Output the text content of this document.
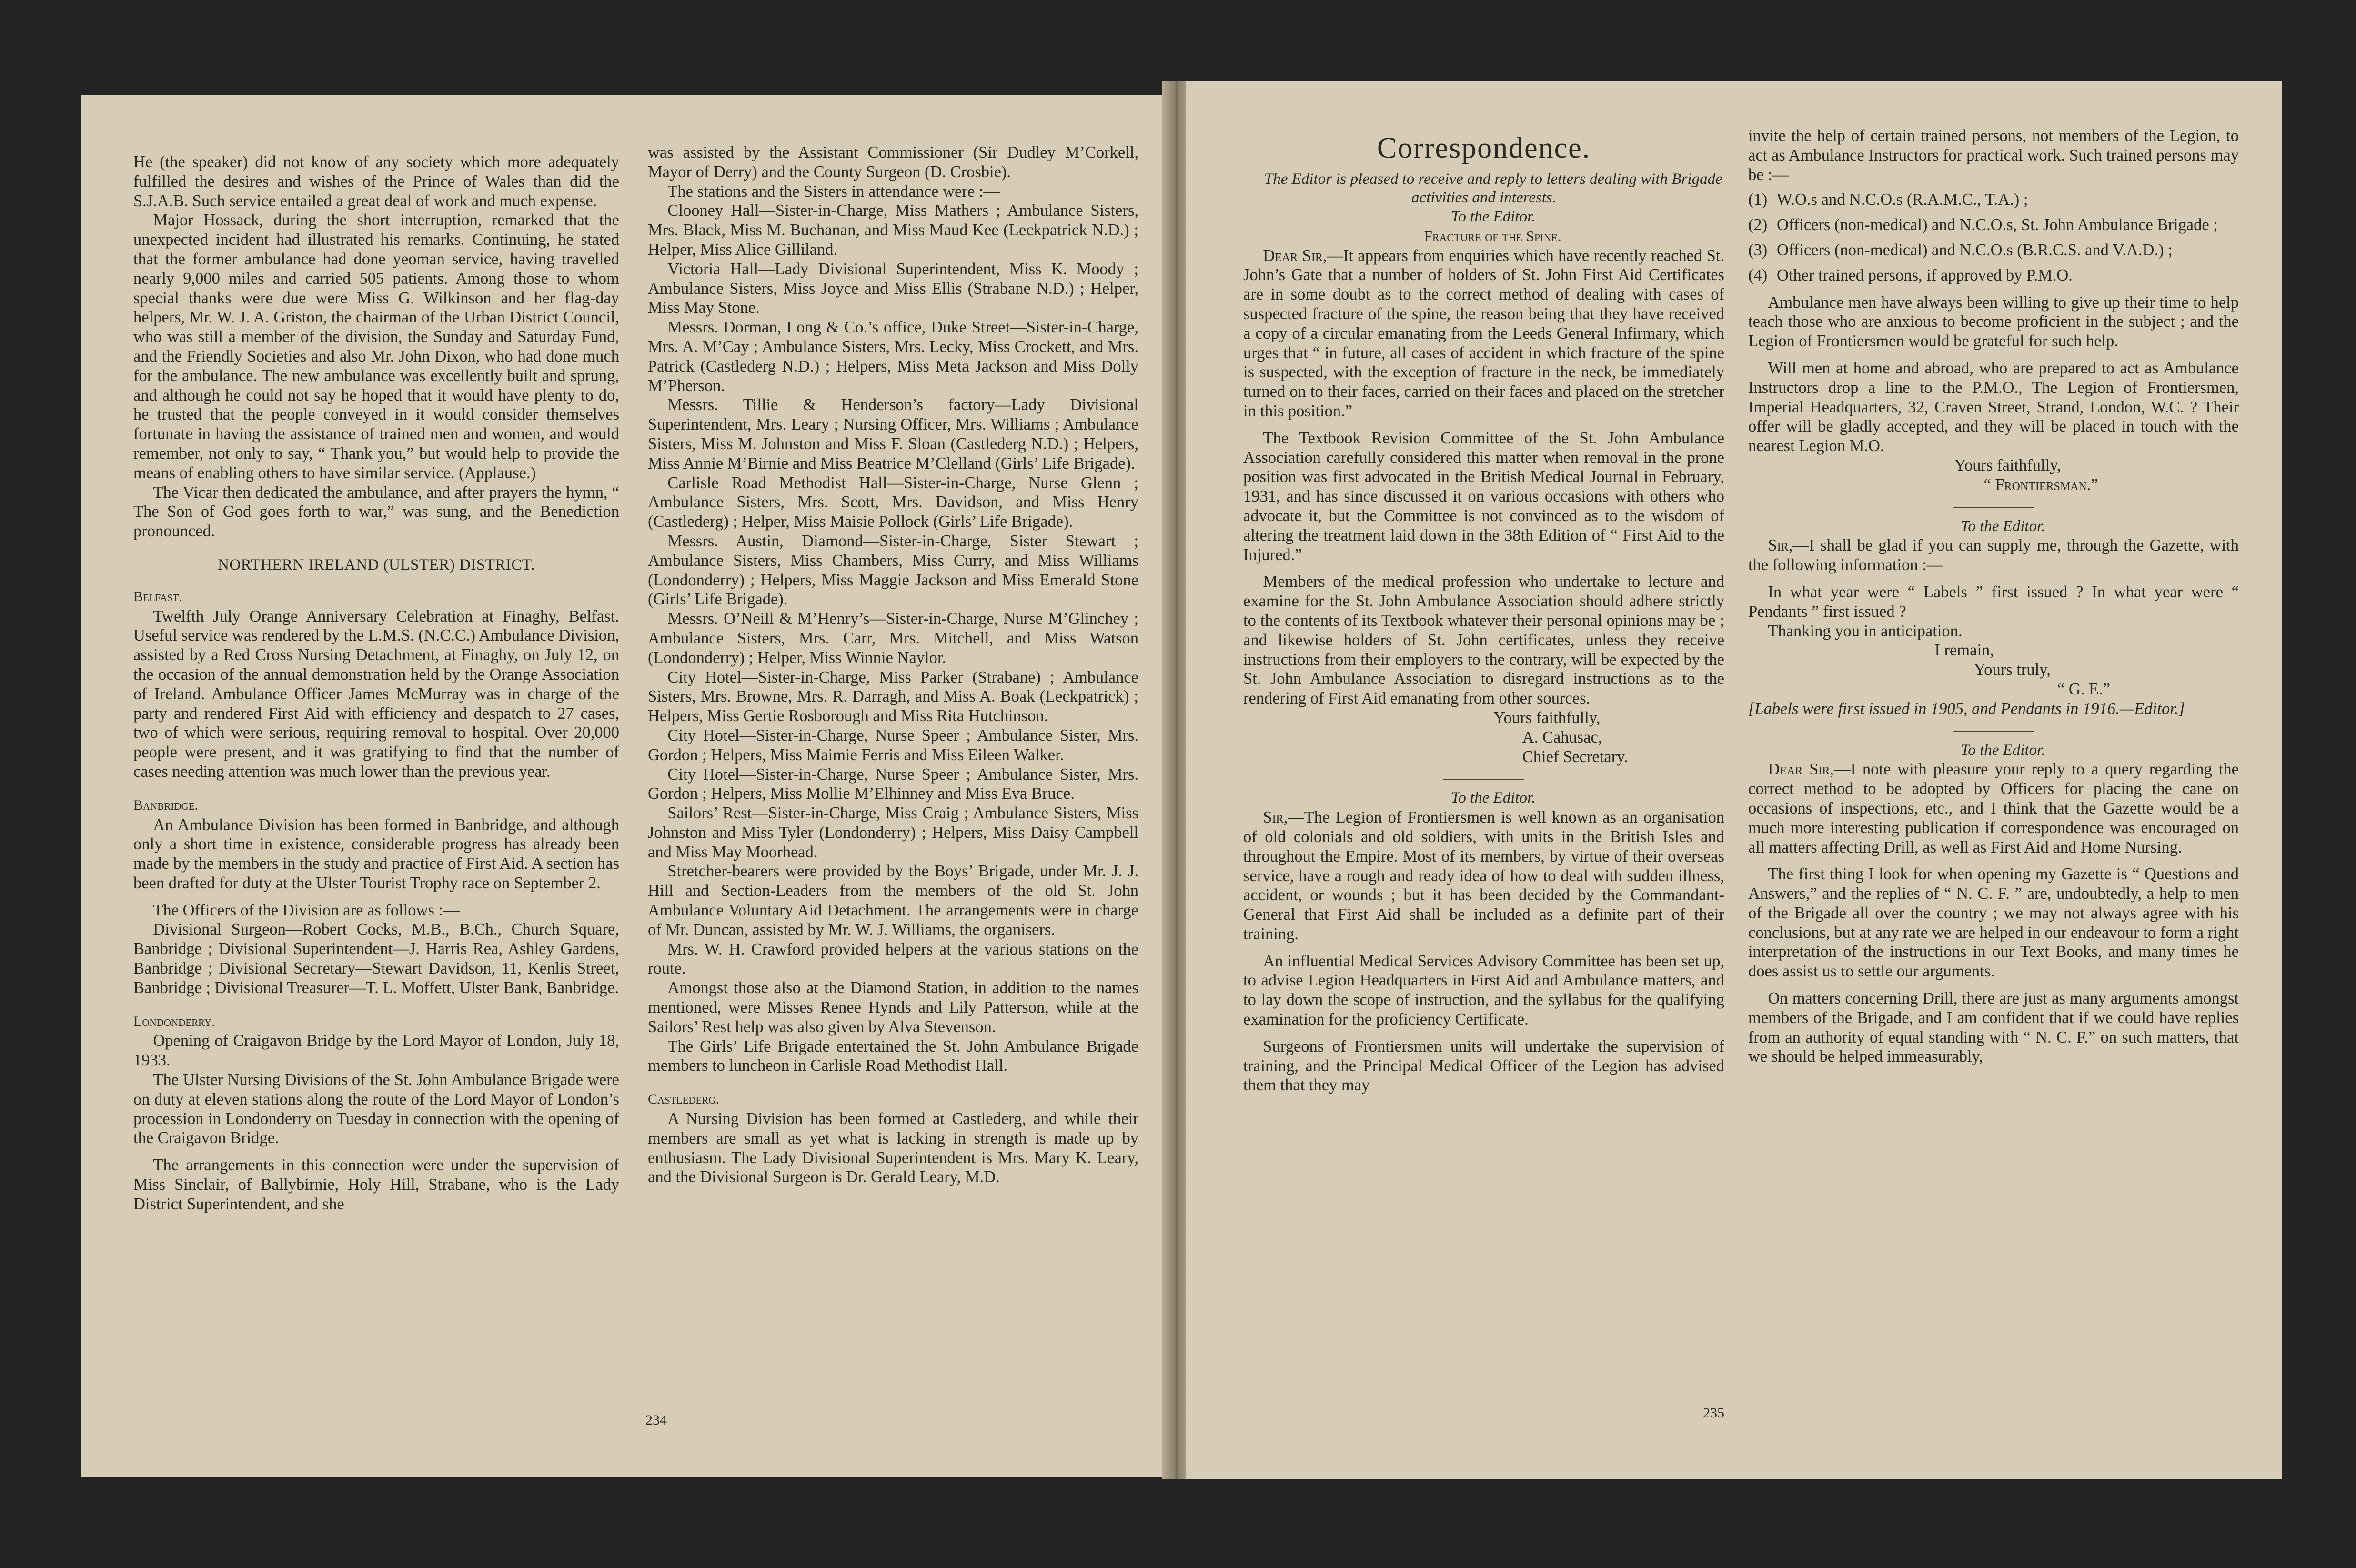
He (the speaker) did not know of any society which more adequately fulfilled the desires and wishes of the Prince of Wales than did the S.J.A.B. Such service entailed a great deal of work and much expense.

Major Hossack, during the short interruption, remarked that the unexpected incident had illustrated his remarks. Continuing, he stated that the former ambulance had done yeoman service, having travelled nearly 9,000 miles and carried 505 patients. Among those to whom special thanks were due were Miss G. Wilkinson and her flag-day helpers, Mr. W. J. A. Griston, the chairman of the Urban District Council, who was still a member of the division, the Sunday and Saturday Fund, and the Friendly Societies and also Mr. John Dixon, who had done much for the ambulance. The new ambulance was excellently built and sprung, and although he could not say he hoped that it would have plenty to do, he trusted that the people conveyed in it would consider themselves fortunate in having the assistance of trained men and women, and would remember, not only to say, “ Thank you,” but would help to provide the means of enabling others to have similar service. (Applause.)

The Vicar then dedicated the ambulance, and after prayers the hymn, “ The Son of God goes forth to war,” was sung, and the Benediction pronounced.

NORTHERN IRELAND (ULSTER) DISTRICT.

Belfast.

Twelfth July Orange Anniversary Celebration at Finaghy, Belfast. Useful service was rendered by the L.M.S. (N.C.C.) Ambulance Division, assisted by a Red Cross Nursing Detachment, at Finaghy, on July 12, on the occasion of the annual demonstration held by the Orange Association of Ireland. Ambulance Officer James McMurray was in charge of the party and rendered First Aid with efficiency and despatch to 27 cases, two of which were serious, requiring removal to hospital. Over 20,000 people were present, and it was gratifying to find that the number of cases needing attention was much lower than the previous year.

Banbridge.

An Ambulance Division has been formed in Banbridge, and although only a short time in existence, considerable progress has already been made by the members in the study and practice of First Aid. A section has been drafted for duty at the Ulster Tourist Trophy race on September 2.

The Officers of the Division are as follows :—

Divisional Surgeon—Robert Cocks, M.B., B.Ch., Church Square, Banbridge ; Divisional Superintendent—J. Harris Rea, Ashley Gardens, Banbridge ; Divisional Secretary—Stewart Davidson, 11, Kenlis Street, Banbridge ; Divisional Treasurer—T. L. Moffett, Ulster Bank, Banbridge.

Londonderry.

Opening of Craigavon Bridge by the Lord Mayor of London, July 18, 1933.

The Ulster Nursing Divisions of the St. John Ambulance Brigade were on duty at eleven stations along the route of the Lord Mayor of London’s procession in Londonderry on Tuesday in connection with the opening of the Craigavon Bridge.

The arrangements in this connection were under the supervision of Miss Sinclair, of Ballybirnie, Holy Hill, Strabane, who is the Lady District Superintendent, and she

was assisted by the Assistant Commissioner (Sir Dudley M’Corkell, Mayor of Derry) and the County Surgeon (D. Crosbie).

The stations and the Sisters in attendance were :—

Clooney Hall—Sister-in-Charge, Miss Mathers ; Ambulance Sisters, Mrs. Black, Miss M. Buchanan, and Miss Maud Kee (Leckpatrick N.D.) ; Helper, Miss Alice Gilliland.

Victoria Hall—Lady Divisional Superintendent, Miss K. Moody ; Ambulance Sisters, Miss Joyce and Miss Ellis (Strabane N.D.) ; Helper, Miss May Stone.

Messrs. Dorman, Long & Co.’s office, Duke Street—Sister-in-Charge, Mrs. A. M’Cay ; Ambulance Sisters, Mrs. Lecky, Miss Crockett, and Mrs. Patrick (Castlederg N.D.) ; Helpers, Miss Meta Jackson and Miss Dolly M’Pherson.

Messrs. Tillie & Henderson’s factory—Lady Divisional Superintendent, Mrs. Leary ; Nursing Officer, Mrs. Williams ; Ambulance Sisters, Miss M. Johnston and Miss F. Sloan (Castlederg N.D.) ; Helpers, Miss Annie M’Birnie and Miss Beatrice M’Clelland (Girls’ Life Brigade).

Carlisle Road Methodist Hall—Sister-in-Charge, Nurse Glenn ; Ambulance Sisters, Mrs. Scott, Mrs. Davidson, and Miss Henry (Castlederg) ; Helper, Miss Maisie Pollock (Girls’ Life Brigade).

Messrs. Austin, Diamond—Sister-in-Charge, Sister Stewart ; Ambulance Sisters, Miss Chambers, Miss Curry, and Miss Williams (Londonderry) ; Helpers, Miss Maggie Jackson and Miss Emerald Stone (Girls’ Life Brigade).

Messrs. O’Neill & M’Henry’s—Sister-in-Charge, Nurse M’Glinchey ; Ambulance Sisters, Mrs. Carr, Mrs. Mitchell, and Miss Watson (Londonderry) ; Helper, Miss Winnie Naylor.

City Hotel—Sister-in-Charge, Miss Parker (Strabane) ; Ambulance Sisters, Mrs. Browne, Mrs. R. Darragh, and Miss A. Boak (Leckpatrick) ; Helpers, Miss Gertie Rosborough and Miss Rita Hutchinson.

City Hotel—Sister-in-Charge, Nurse Speer ; Ambulance Sister, Mrs. Gordon ; Helpers, Miss Maimie Ferris and Miss Eileen Walker.

City Hotel—Sister-in-Charge, Nurse Speer ; Ambulance Sister, Mrs. Gordon ; Helpers, Miss Mollie M’Elhinney and Miss Eva Bruce.

Sailors’ Rest—Sister-in-Charge, Miss Craig ; Ambulance Sisters, Miss Johnston and Miss Tyler (Londonderry) ; Helpers, Miss Daisy Campbell and Miss May Moorhead.

Stretcher-bearers were provided by the Boys’ Brigade, under Mr. J. J. Hill and Section-Leaders from the members of the old St. John Ambulance Voluntary Aid Detachment. The arrangements were in charge of Mr. Duncan, assisted by Mr. W. J. Williams, the organisers.

Mrs. W. H. Crawford provided helpers at the various stations on the route.

Amongst those also at the Diamond Station, in addition to the names mentioned, were Misses Renee Hynds and Lily Patterson, while at the Sailors’ Rest help was also given by Alva Stevenson.

The Girls’ Life Brigade entertained the St. John Ambulance Brigade members to luncheon in Carlisle Road Methodist Hall.

Castlederg.

A Nursing Division has been formed at Castlederg, and while their members are small as yet what is lacking in strength is made up by enthusiasm. The Lady Divisional Superintendent is Mrs. Mary K. Leary, and the Divisional Surgeon is Dr. Gerald Leary, M.D.

234
Correspondence.

The Editor is pleased to receive and reply to letters dealing with Brigade activities and interests.

To the Editor.

Fracture of the Spine.

Dear Sir,—It appears from enquiries which have recently reached St. John’s Gate that a number of holders of St. John First Aid Certificates are in some doubt as to the correct method of dealing with cases of suspected fracture of the spine, the reason being that they have received a copy of a circular emanating from the Leeds General Infirmary, which urges that “ in future, all cases of accident in which fracture of the spine is suspected, with the exception of fracture in the neck, be immediately turned on to their faces, carried on their faces and placed on the stretcher in this position.”

The Textbook Revision Committee of the St. John Ambulance Association carefully considered this matter when removal in the prone position was first advocated in the British Medical Journal in February, 1931, and has since discussed it on various occasions with others who advocate it, but the Committee is not convinced as to the wisdom of altering the treatment laid down in the 38th Edition of “ First Aid to the Injured.”

Members of the medical profession who undertake to lecture and examine for the St. John Ambulance Association should adhere strictly to the contents of its Textbook whatever their personal opinions may be ; and likewise holders of St. John certificates, unless they receive instructions from their employers to the contrary, will be expected by the St. John Ambulance Association to disregard instructions as to the rendering of First Aid emanating from other sources.

Yours faithfully,

A. Cahusac,

Chief Secretary.

To the Editor.

Sir,—The Legion of Frontiersmen is well known as an organisation of old colonials and old soldiers, with units in the British Isles and throughout the Empire. Most of its members, by virtue of their overseas service, have a rough and ready idea of how to deal with sudden illness, accident, or wounds ; but it has been decided by the Commandant-General that First Aid shall be included as a definite part of their training.

An influential Medical Services Advisory Committee has been set up, to advise Legion Headquarters in First Aid and Ambulance matters, and to lay down the scope of instruction, and the syllabus for the qualifying examination for the proficiency Certificate.

Surgeons of Frontiersmen units will undertake the supervision of training, and the Principal Medical Officer of the Legion has advised them that they may

invite the help of certain trained persons, not members of the Legion, to act as Ambulance Instructors for practical work. Such trained persons may be :—

(1) W.O.s and N.C.O.s (R.A.M.C., T.A.) ;

(2) Officers (non-medical) and N.C.O.s, St. John Ambulance Brigade ;

(3) Officers (non-medical) and N.C.O.s (B.R.C.S. and V.A.D.) ;

(4) Other trained persons, if approved by P.M.O.

Ambulance men have always been willing to give up their time to help teach those who are anxious to become proficient in the subject ; and the Legion of Frontiersmen would be grateful for such help.

Will men at home and abroad, who are prepared to act as Ambulance Instructors drop a line to the P.M.O., The Legion of Frontiersmen, Imperial Headquarters, 32, Craven Street, Strand, London, W.C. ? Their offer will be gladly accepted, and they will be placed in touch with the nearest Legion M.O.

Yours faithfully,

“ Frontiersman.”

To the Editor.

Sir,—I shall be glad if you can supply me, through the Gazette, with the following information :—

In what year were “ Labels ” first issued ? In what year were “ Pendants ” first issued ?

Thanking you in anticipation.

I remain,

Yours truly,

“ G. E.”

[Labels were first issued in 1905, and Pendants in 1916.—Editor.]

To the Editor.

Dear Sir,—I note with pleasure your reply to a query regarding the correct method to be adopted by Officers for placing the cane on occasions of inspections, etc., and I think that the Gazette would be a much more interesting publication if correspondence was encouraged on all matters affecting Drill, as well as First Aid and Home Nursing.

The first thing I look for when opening my Gazette is “ Questions and Answers,” and the replies of “ N. C. F. ” are, undoubtedly, a help to men of the Brigade all over the country ; we may not always agree with his conclusions, but at any rate we are helped in our endeavour to form a right interpretation of the instructions in our Text Books, and many times he does assist us to settle our arguments.

On matters concerning Drill, there are just as many arguments amongst members of the Brigade, and I am confident that if we could have replies from an authority of equal standing with “ N. C. F.” on such matters, that we should be helped immeasurably,

235
